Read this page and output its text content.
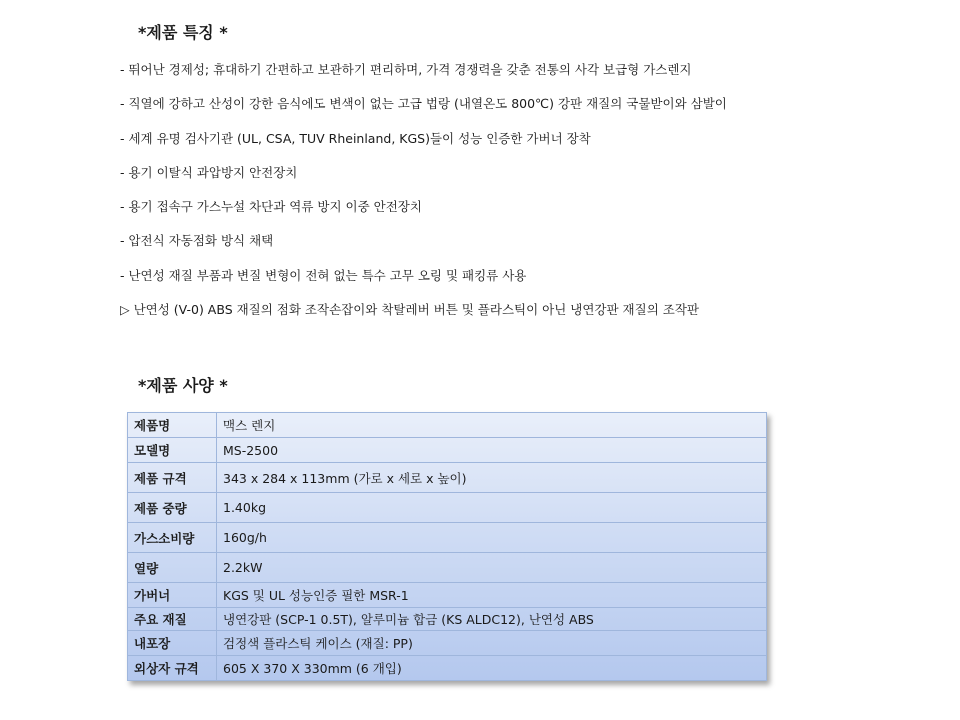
*제품 특징 *
- 뛰어난 경제성; 휴대하기 간편하고 보관하기 편리하며, 가격 경쟁력을 갖춘 전통의 사각 보급형 가스렌지
- 직열에 강하고 산성이 강한 음식에도 변색이 없는 고급 법랑 (내열온도 800℃) 강판 재질의 국물받이와 삼발이
- 세계 유명 검사기관 (UL, CSA, TUV Rheinland, KGS)들이 성능 인증한 가버너 장착
- 용기 이탈식 과압방지 안전장치
- 용기 접속구 가스누설 차단과 역류 방지 이중 안전장치
- 압전식 자동점화 방식 채택
- 난연성 재질 부품과 변질 변형이 전혀 없는 특수 고무 오링 및 패킹류 사용
▷ 난연성 (V-0) ABS 재질의 점화 조작손잡이와 착탈레버 버튼 및 플라스틱이 아닌 냉연강판 재질의 조작판
*제품 사양 *
제품명	맥스 렌지
모델명	MS-2500
제품 규격	343 x 284 x 113mm (가로 x 세로 x 높이)
제품 중량	1.40kg
가스소비량	160g/h
열량	2.2kW
가버너	KGS 및 UL 성능인증 필한 MSR-1
주요 재질	냉연강판 (SCP-1 0.5T), 알루미늄 합금 (KS ALDC12), 난연성 ABS
내포장	검정색 플라스틱 케이스 (재질: PP)
외상자 규격	605 X 370 X 330mm (6 개입)
